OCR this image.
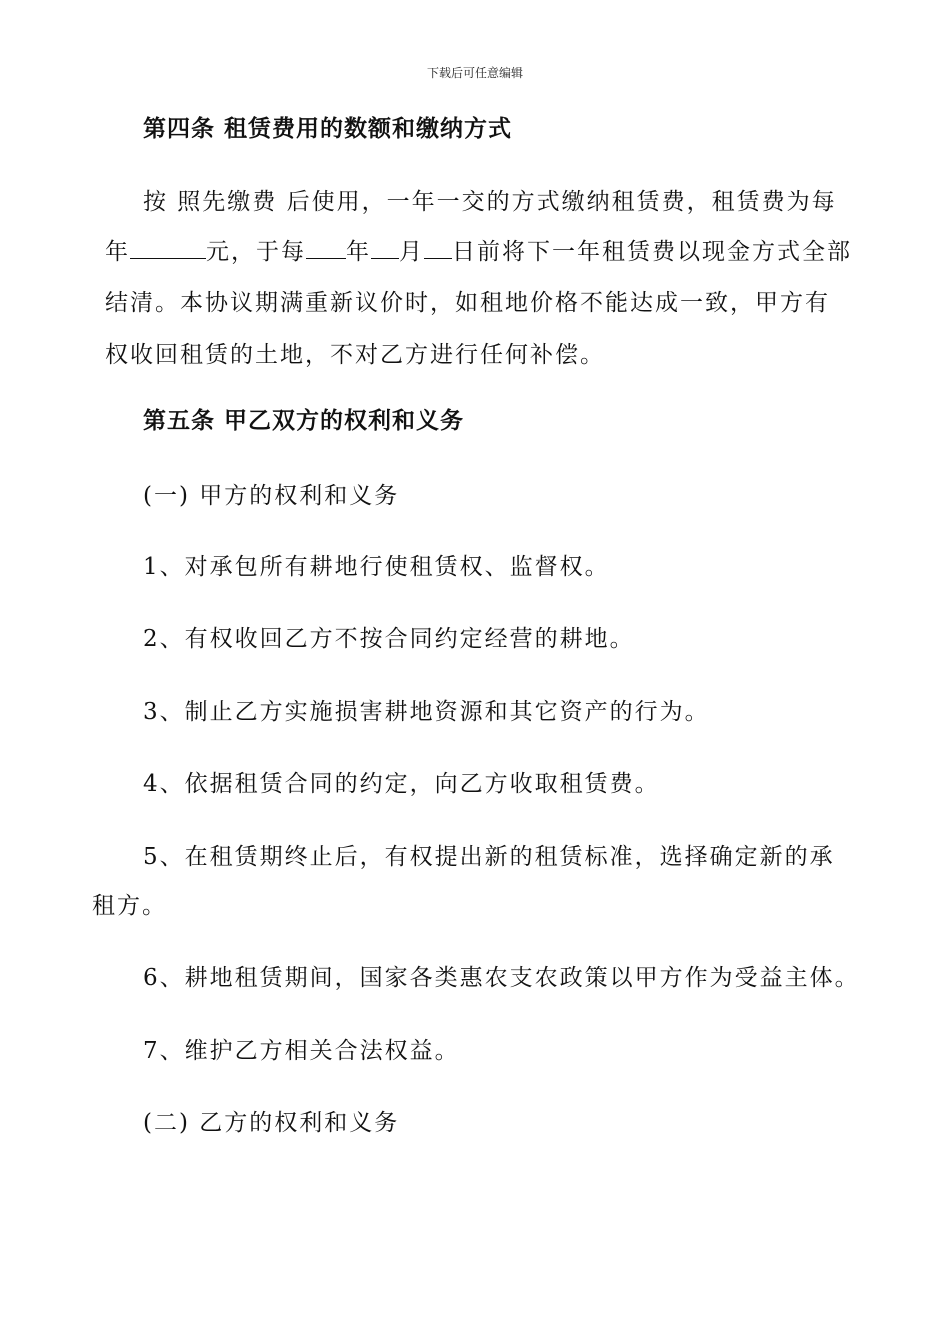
下载后可任意编辑
第四条 租赁费用的数额和缴纳方式
按 照先缴费 后使用，一年一交的方式缴纳租赁费，租赁费为每
年	元，于每 年 月 日前将下一年租赁费以现金方式全部
结清。本协议期满重新议价时，如租地价格不能达成一致，甲方有
权收回租赁的土地，不对乙方进行任何补偿。
第五条 甲乙双方的权利和义务
(一) 甲方的权利和义务
1、对承包所有耕地行使租赁权、监督权。
2、有权收回乙方不按合同约定经营的耕地。
3、制止乙方实施损害耕地资源和其它资产的行为。
4、依据租赁合同的约定，向乙方收取租赁费。
5、在租赁期终止后，有权提出新的租赁标准，选择确定新的承
租方。
6、耕地租赁期间，国家各类惠农支农政策以甲方作为受益主体。
7、维护乙方相关合法权益。
(二) 乙方的权利和义务
